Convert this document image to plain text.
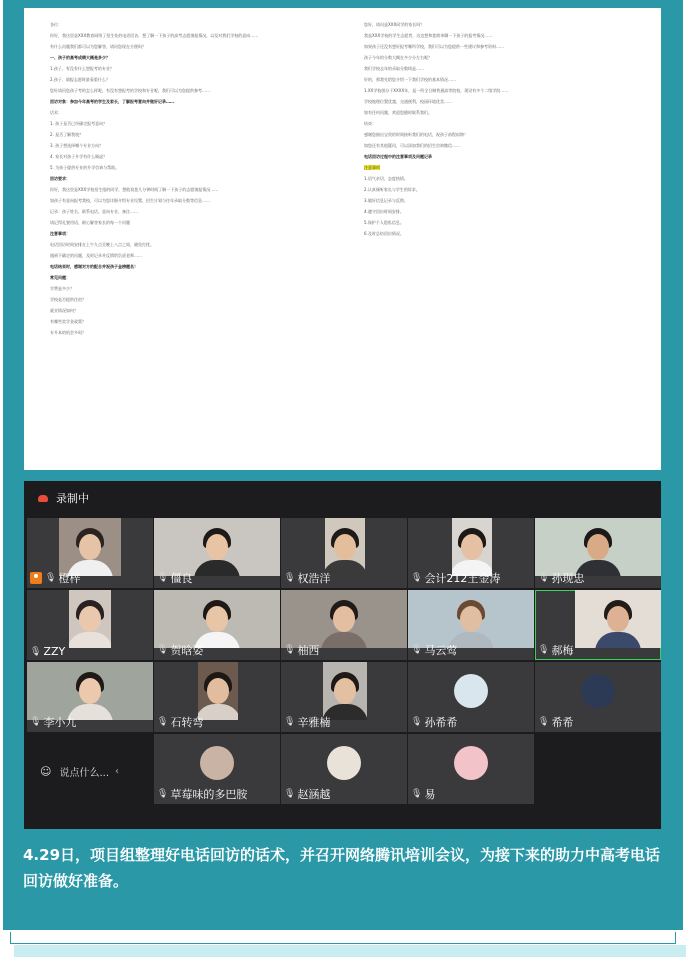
各位：
你好，我这里是XXX教育网络了招生处的电话回访，想了解一下孩子的高考志愿填报情况，以及对我们学校的意向……
有什么问题我们都可以为您解答，请问您现在方便吗？
一、孩子的高考成绩大概是多少？
1.孩子，有没有什么想报考的专业？
2.孩子，填报志愿时最看重什么？
您好请问您孩子考的怎么样呢，有没有想报考的学校和专业呢，我们可以为您提供参考……
回访对象：参加今年高考的学生及家长，了解报考意向并做好记录……
话术：
1. 孩子是否已经确定报考意向？
2. 是否了解我校？
3. 孩子想选择哪个专业方向？
4. 家长对孩子升学有什么顾虑？
5. 为孩子提供专业的升学咨询与帮助。
回访要求：
你好，我这里是XXX学校招生组的同学，想耽误您几分钟时间了解一下孩子的志愿填报情况……
如孩子有意向报考我校，可以为您详细介绍专业设置、招生计划与往年录取分数等信息……
记录：孩子姓名、联系电话、意向专业、备注……
请记得礼貌用语，耐心解答家长的每一个问题
注意事项：
电话回访时间安排在上午九点至晚上八点之间，避免打扰。
遇到不确定的问题，及时记录并反馈给负责老师……
电话结束时，感谢对方的配合并祝孩子金榜题名！
常见问题：
学费是多少？
学校是否提供住宿？
就业情况如何？
有哪些奖学金政策？
专升本的机会多吗？
您好，请问是XXX同学的家长吗？
我是XXX学校的学生志愿者，这边想和您简单聊一下孩子的报考情况……
如果孩子还没有想好报考哪所学校，我们可以为您提供一些建议和参考资料……
孩子今年的分数大概在多少分左右呢？
我们学校去年的录取分数线是……
好的，那我先给您介绍一下我们学校的基本情况……
1.XX学校创办于XXXX年，是一所全日制普通高等院校，现设有多个二级学院……
学校地理位置优越，交通便利，校园环境优美……
如有任何问题，欢迎您随时联系我们。
结束：
感谢您抽出宝贵的时间接听我们的电话，祝孩子前程似锦！
如您还有其他疑问，可以添加我们的招生咨询微信……
电话回访过程中的注意事项及问题记录
注意事项
1.语气亲切，态度热情。
2.认真倾听家长与学生的诉求。
3.做好信息记录与反馈。
4.遵守回访时间安排。
5.保护个人隐私信息。
6.及时总结回访情况。
录制中
🎙 橙梓	🎙 僵良	🎙 权浩洋	🎙 会计212王金涛	🎙 孙现忠
🎙 ZZY	🎙 贺晗姿	🎙 柚西	🎙 马云莺	🎙 郝梅
🎙 李小九	🎙 石转弯	🎙 辛雅楠	🎙 孙希希	🎙 希希
☺ 说点什么... ‹
🎙 草莓味的多巴胺	🎙 赵涵越	🎙 易
4.29日，项目组整理好电话回访的话术，并召开网络腾讯培训会议，为接下来的助力中高考电话回访做好准备。
